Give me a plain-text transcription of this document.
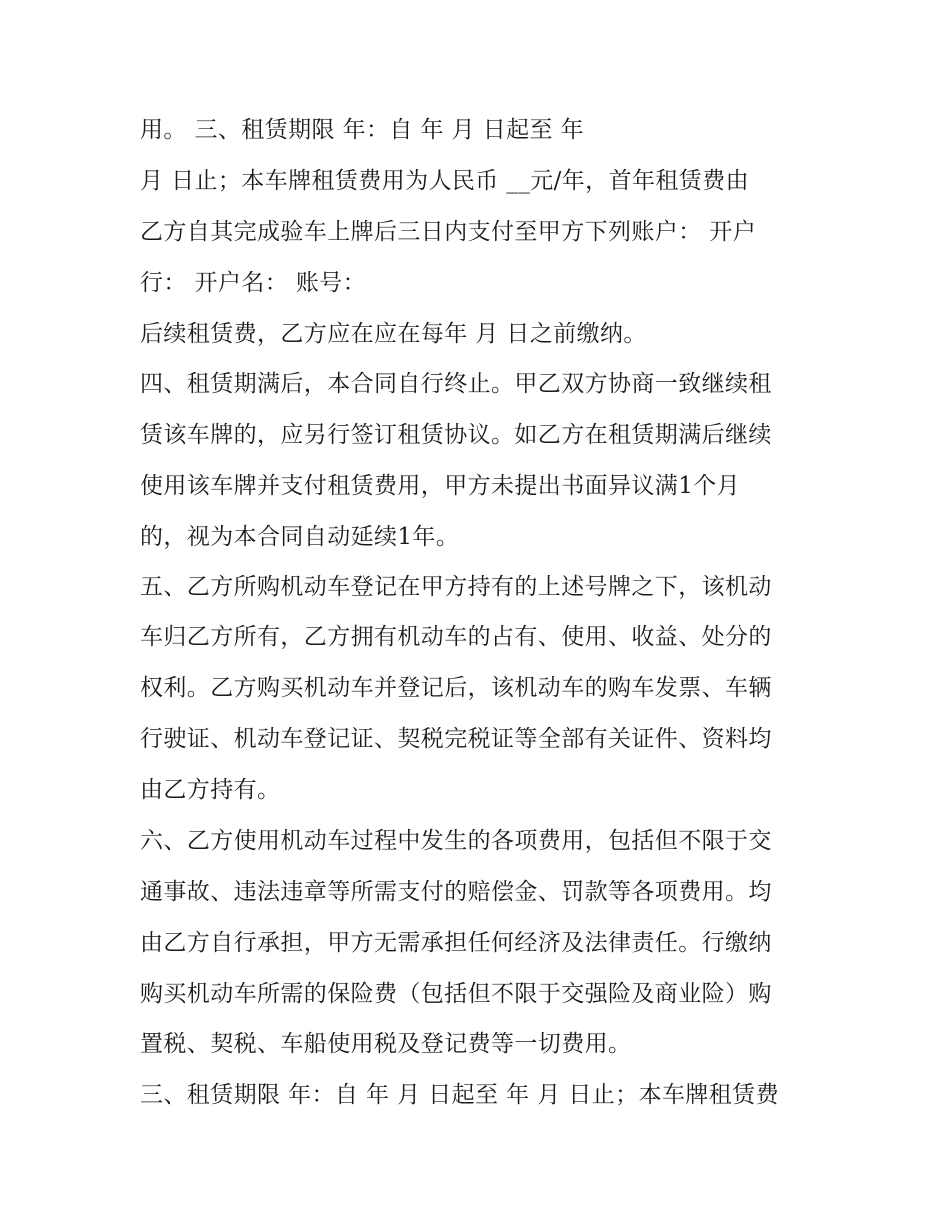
用。 三、租赁期限 年：自 年 月 日起至 年
月 日止；本车牌租赁费用为人民币 __元/年，首年租赁费由
乙方自其完成验车上牌后三日内支付至甲方下列账户： 开户
行： 开户名： 账号：
后续租赁费，乙方应在应在每年 月 日之前缴纳。
四、租赁期满后，本合同自行终止。甲乙双方协商一致继续租
赁该车牌的，应另行签订租赁协议。如乙方在租赁期满后继续
使用该车牌并支付租赁费用，甲方未提出书面异议满1个月
的，视为本合同自动延续1年。
五、乙方所购机动车登记在甲方持有的上述号牌之下，该机动
车归乙方所有，乙方拥有机动车的占有、使用、收益、处分的
权利。乙方购买机动车并登记后，该机动车的购车发票、车辆
行驶证、机动车登记证、契税完税证等全部有关证件、资料均
由乙方持有。
六、乙方使用机动车过程中发生的各项费用，包括但不限于交
通事故、违法违章等所需支付的赔偿金、罚款等各项费用。均
由乙方自行承担，甲方无需承担任何经济及法律责任。行缴纳
购买机动车所需的保险费（包括但不限于交强险及商业险）购
置税、契税、车船使用税及登记费等一切费用。
三、租赁期限 年：自 年 月 日起至 年 月 日止；本车牌租赁费
